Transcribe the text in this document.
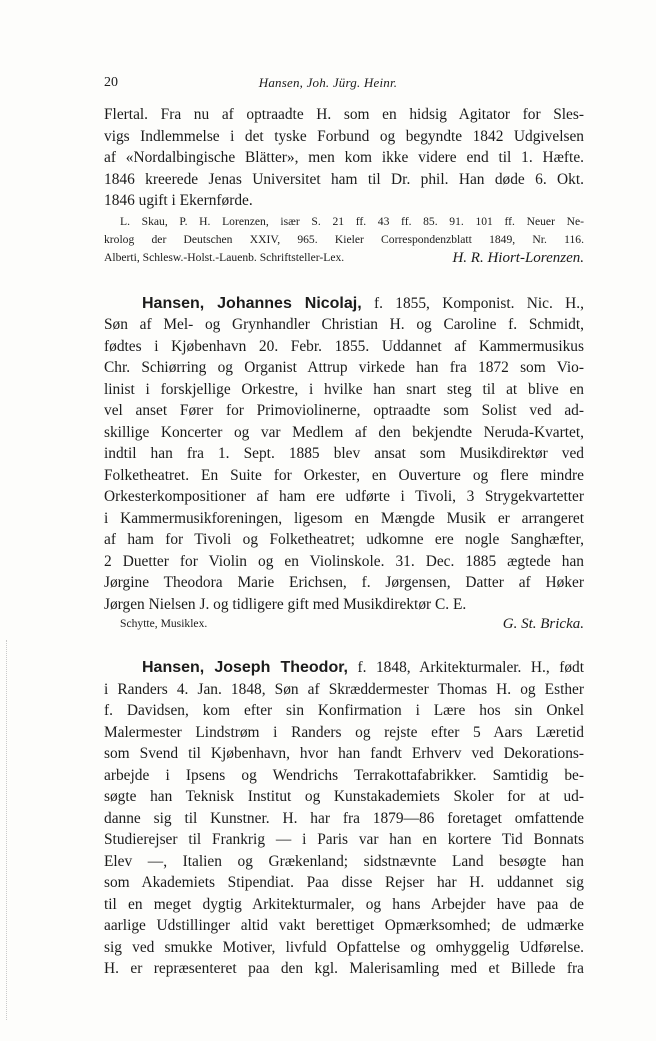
20	Hansen, Joh. Jürg. Heinr.
Flertal. Fra nu af optraadte H. som en hidsig Agitator for Sles-
vigs Indlemmelse i det tyske Forbund og begyndte 1842 Udgivelsen
af «Nordalbingische Blätter», men kom ikke videre end til 1. Hæfte.
1846 kreerede Jenas Universitet ham til Dr. phil. Han døde 6. Okt.
1846 ugift i Ekernførde.
L. Skau, P. H. Lorenzen, især S. 21 ff. 43 ff. 85. 91. 101 ff. Neuer Ne-
krolog der Deutschen XXIV, 965. Kieler Correspondenzblatt 1849, Nr. 116.
Alberti, Schlesw.-Holst.-Lauenb. Schriftsteller-Lex.	H. R. Hiort-Lorenzen.
Hansen, Johannes Nicolaj, f. 1855, Komponist. Nic. H.,
Søn af Mel- og Grynhandler Christian H. og Caroline f. Schmidt,
fødtes i Kjøbenhavn 20. Febr. 1855. Uddannet af Kammermusikus
Chr. Schiørring og Organist Attrup virkede han fra 1872 som Vio-
linist i forskjellige Orkestre, i hvilke han snart steg til at blive en
vel anset Fører for Primoviolinerne, optraadte som Solist ved ad-
skillige Koncerter og var Medlem af den bekjendte Neruda-Kvartet,
indtil han fra 1. Sept. 1885 blev ansat som Musikdirektør ved
Folketheatret. En Suite for Orkester, en Ouverture og flere mindre
Orkesterkompositioner af ham ere udførte i Tivoli, 3 Strygekvartetter
i Kammermusikforeningen, ligesom en Mængde Musik er arrangeret
af ham for Tivoli og Folketheatret; udkomne ere nogle Sanghæfter,
2 Duetter for Violin og en Violinskole. 31. Dec. 1885 ægtede han
Jørgine Theodora Marie Erichsen, f. Jørgensen, Datter af Høker
Jørgen Nielsen J. og tidligere gift med Musikdirektør C. E.
Schytte, Musiklex.	G. St. Bricka.
Hansen, Joseph Theodor, f. 1848, Arkitekturmaler. H., født
i Randers 4. Jan. 1848, Søn af Skræddermester Thomas H. og Esther
f. Davidsen, kom efter sin Konfirmation i Lære hos sin Onkel
Malermester Lindstrøm i Randers og rejste efter 5 Aars Læretid
som Svend til Kjøbenhavn, hvor han fandt Erhverv ved Dekorations-
arbejde i Ipsens og Wendrichs Terrakottafabrikker. Samtidig be-
søgte han Teknisk Institut og Kunstakademiets Skoler for at ud-
danne sig til Kunstner. H. har fra 1879—86 foretaget omfattende
Studierejser til Frankrig — i Paris var han en kortere Tid Bonnats
Elev —, Italien og Grækenland; sidstnævnte Land besøgte han
som Akademiets Stipendiat. Paa disse Rejser har H. uddannet sig
til en meget dygtig Arkitekturmaler, og hans Arbejder have paa de
aarlige Udstillinger altid vakt berettiget Opmærksomhed; de udmærke
sig ved smukke Motiver, livfuld Opfattelse og omhyggelig Udførelse.
H. er repræsenteret paa den kgl. Malerisamling med et Billede fra
